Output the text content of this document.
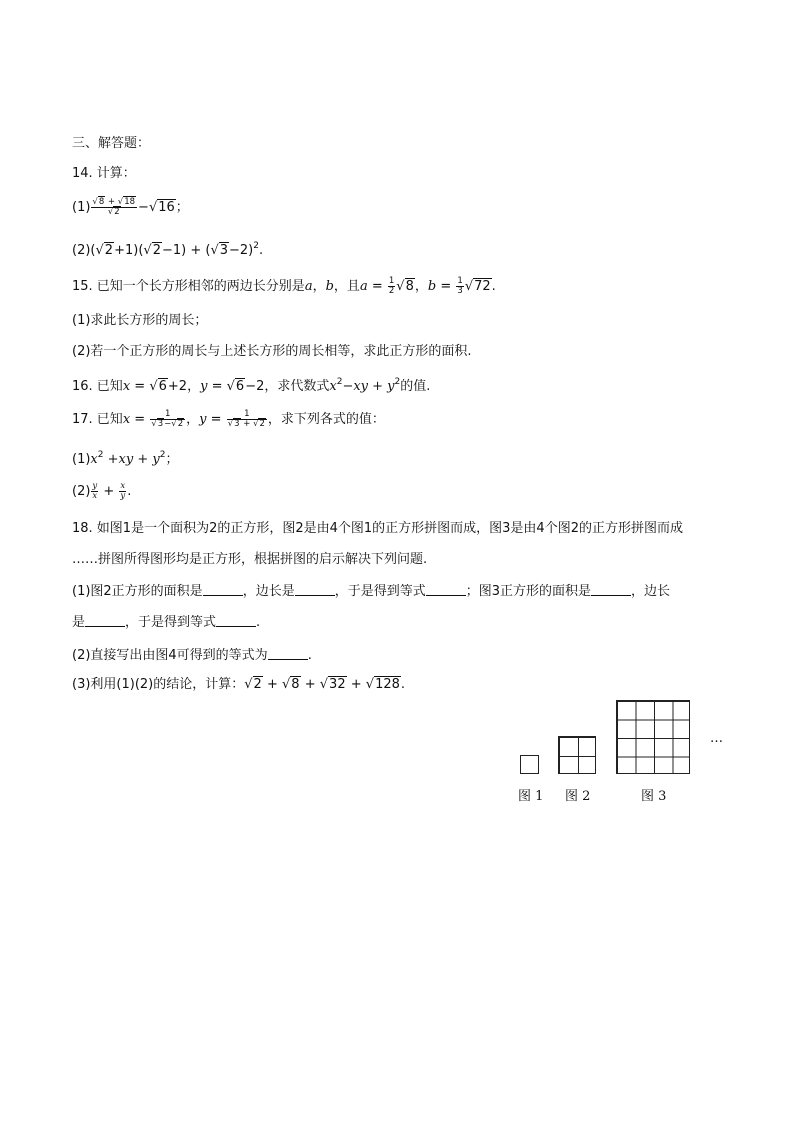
三、解答题：
14. 计算：
$(1) \frac{√8 + √18}{√2} -√16$；
$(2)(√2+1)(√2-1) + (√3-2)^2$.
15. 已知一个长方形相邻的两边长分别是a，b，且$a = \frac{1}{2} √8$，$b = \frac{1}{3} √72$.
(1)求此长方形的周长；
(2)若一个正方形的周长与上述长方形的周长相等，求此正方形的面积.
16. 已知x = √6+2，y = √6−2，求代数式$x^2-xy + y^2$的值.
17. 已知$x = \frac{1}{√3-√2}$ ，$y = \frac{1}{√3 + √2}$ ，求下列各式的值：
$(1)x^2 +xy + y^2$；
$(2) \frac{y}{x} + \frac{x}{y}$ .
18. 如图1是一个面积为2的正方形，图2是由4个图1的正方形拼图而成，图3是由4个图2的正方形拼图而成
……拼图所得图形均是正方形，根据拼图的启示解决下列问题.
(1)图2正方形的面积是	，边长是	，于是得到等式	；图3正方形的面积是	，边长
是	，于是得到等式	.
(2)直接写出由图4可得到的等式为	.
(3)利用(1)(2)的结论，计算：√2 + √8 + √32 + √128.
…
图 1 图 2	图 3
